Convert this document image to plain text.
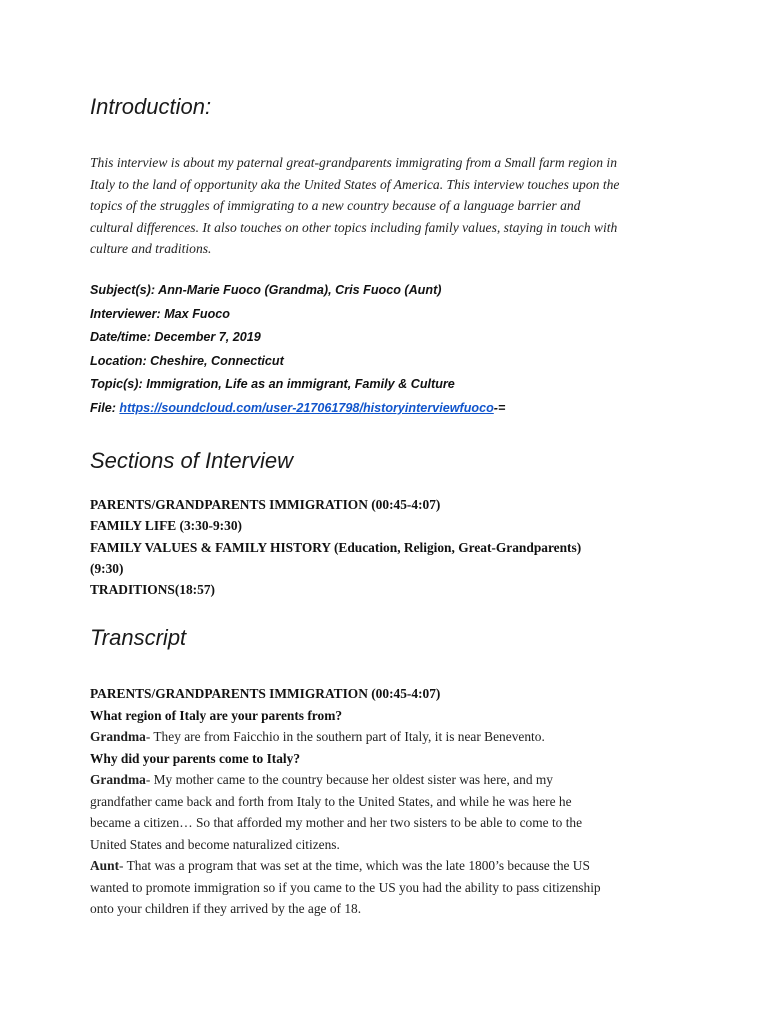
Introduction:

This interview is about my paternal great-grandparents immigrating from a Small farm region in
Italy to the land of opportunity aka the United States of America. This interview touches upon the
topics of the struggles of immigrating to a new country because of a language barrier and
cultural differences. It also touches on other topics including family values, staying in touch with
culture and traditions.

Subject(s): Ann-Marie Fuoco (Grandma), Cris Fuoco (Aunt)
Interviewer: Max Fuoco
Date/time: December 7, 2019
Location: Cheshire, Connecticut
Topic(s): Immigration, Life as an immigrant, Family & Culture
File: https://soundcloud.com/user-217061798/historyinterviewfuoco-=
Sections of Interview
PARENTS/GRANDPARENTS IMMIGRATION (00:45-4:07)
FAMILY LIFE (3:30-9:30)
FAMILY VALUES & FAMILY HISTORY (Education, Religion, Great-Grandparents)
(9:30)
TRADITIONS(18:57)
Transcript
PARENTS/GRANDPARENTS IMMIGRATION (00:45-4:07)
What region of Italy are your parents from?
Grandma- They are from Faicchio in the southern part of Italy, it is near Benevento.
Why did your parents come to Italy?
Grandma- My mother came to the country because her oldest sister was here, and my
grandfather came back and forth from Italy to the United States, and while he was here he
became a citizen… So that afforded my mother and her two sisters to be able to come to the
United States and become naturalized citizens.
Aunt- That was a program that was set at the time, which was the late 1800’s because the US
wanted to promote immigration so if you came to the US you had the ability to pass citizenship
onto your children if they arrived by the age of 18.
